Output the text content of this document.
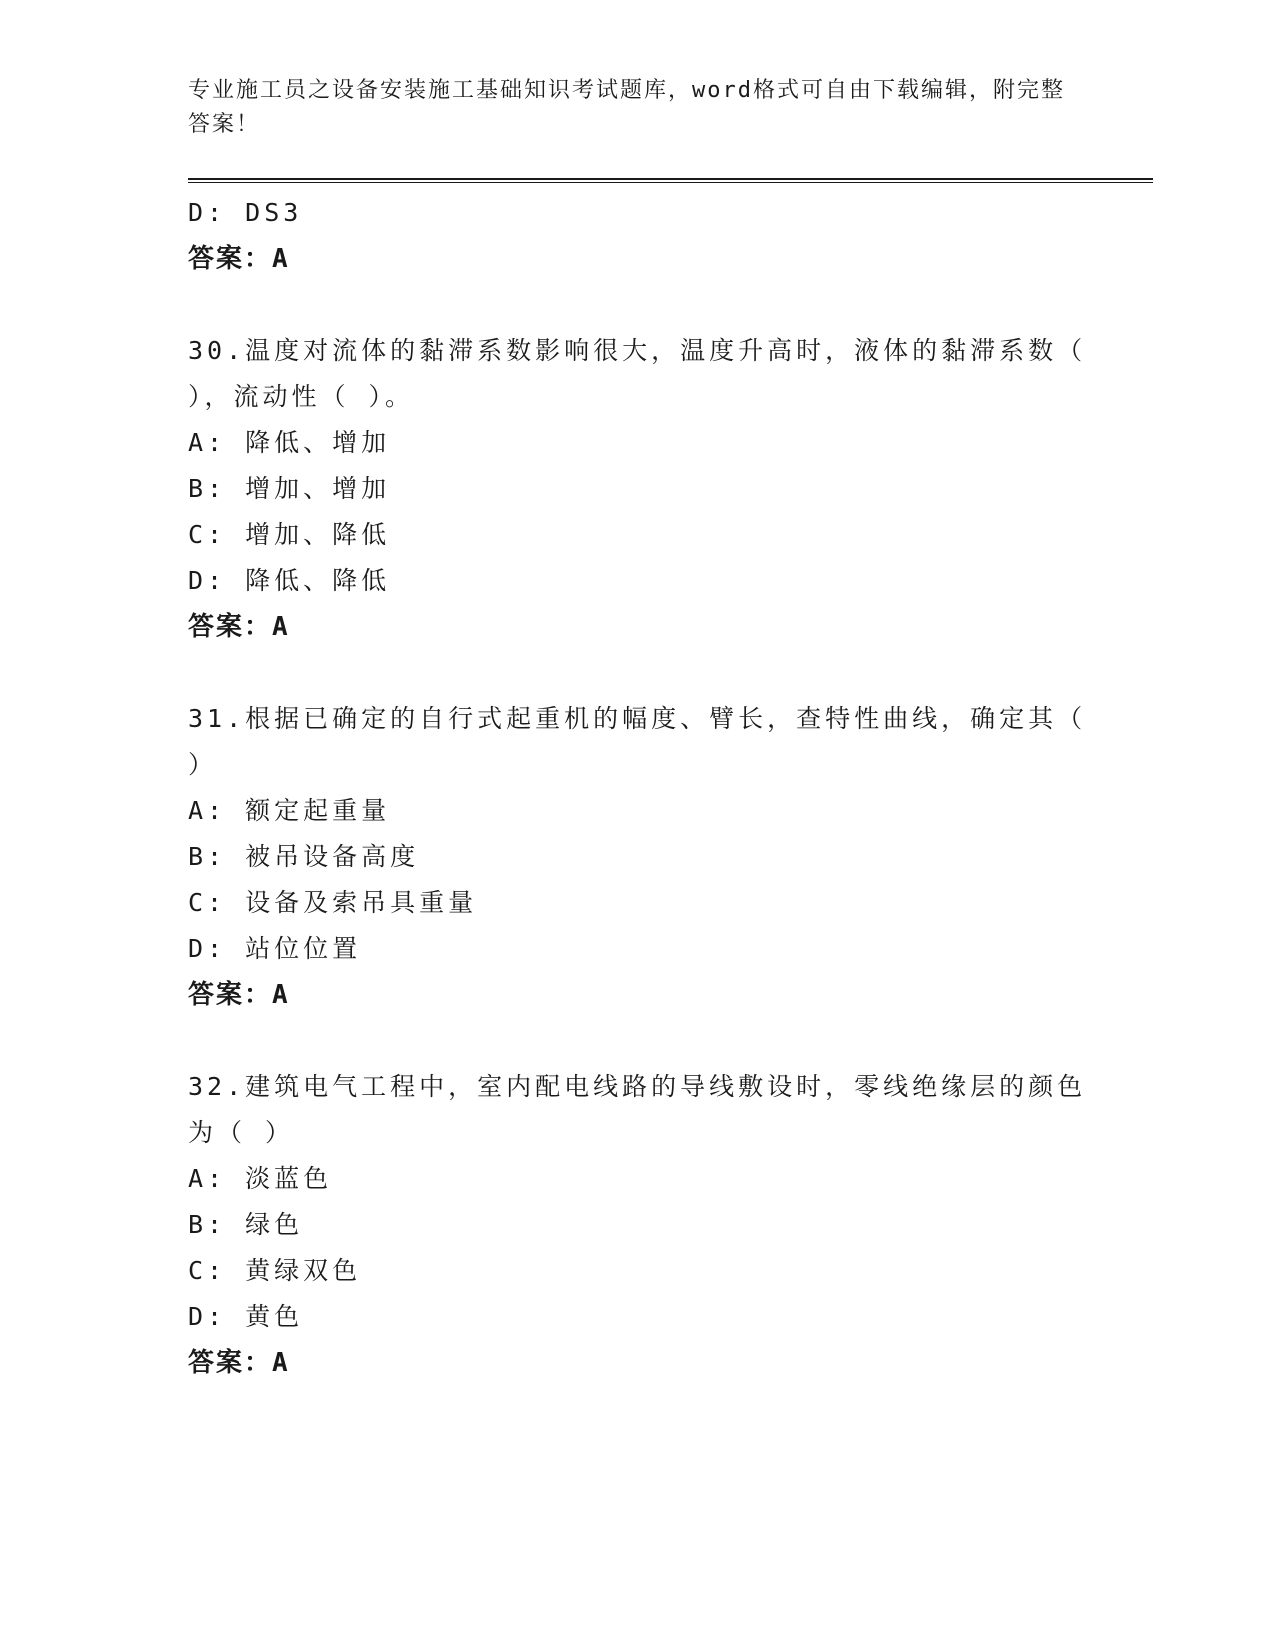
专业施工员之设备安装施工基础知识考试题库，word格式可自由下载编辑，附完整答案！
D: DS3
答案：A
30.温度对流体的黏滞系数影响很大，温度升高时，液体的黏滞系数（
），流动性（ ）。
A: 降低、增加
B: 增加、增加
C: 增加、降低
D: 降低、降低
答案：A
31.根据已确定的自行式起重机的幅度、臂长，查特性曲线，确定其（
）
A: 额定起重量
B: 被吊设备高度
C: 设备及索吊具重量
D: 站位位置
答案：A
32.建筑电气工程中，室内配电线路的导线敷设时，零线绝缘层的颜色
为（ ）
A: 淡蓝色
B: 绿色
C: 黄绿双色
D: 黄色
答案：A
